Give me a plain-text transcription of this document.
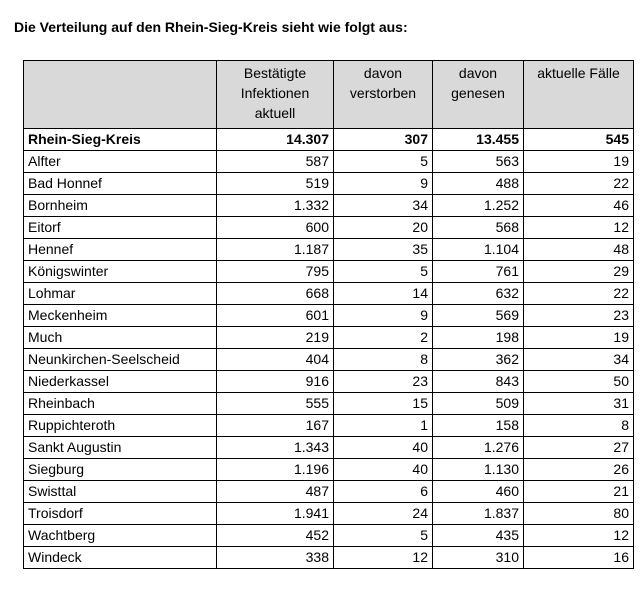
Die Verteilung auf den Rhein-Sieg-Kreis sieht wie folgt aus:
	Bestätigte Infektionen aktuell	davon verstorben	davon genesen	aktuelle Fälle
Rhein-Sieg-Kreis	14.307	307	13.455	545
Alfter	587	5	563	19
Bad Honnef	519	9	488	22
Bornheim	1.332	34	1.252	46
Eitorf	600	20	568	12
Hennef	1.187	35	1.104	48
Königswinter	795	5	761	29
Lohmar	668	14	632	22
Meckenheim	601	9	569	23
Much	219	2	198	19
Neunkirchen-Seelscheid	404	8	362	34
Niederkassel	916	23	843	50
Rheinbach	555	15	509	31
Ruppichteroth	167	1	158	8
Sankt Augustin	1.343	40	1.276	27
Siegburg	1.196	40	1.130	26
Swisttal	487	6	460	21
Troisdorf	1.941	24	1.837	80
Wachtberg	452	5	435	12
Windeck	338	12	310	16
